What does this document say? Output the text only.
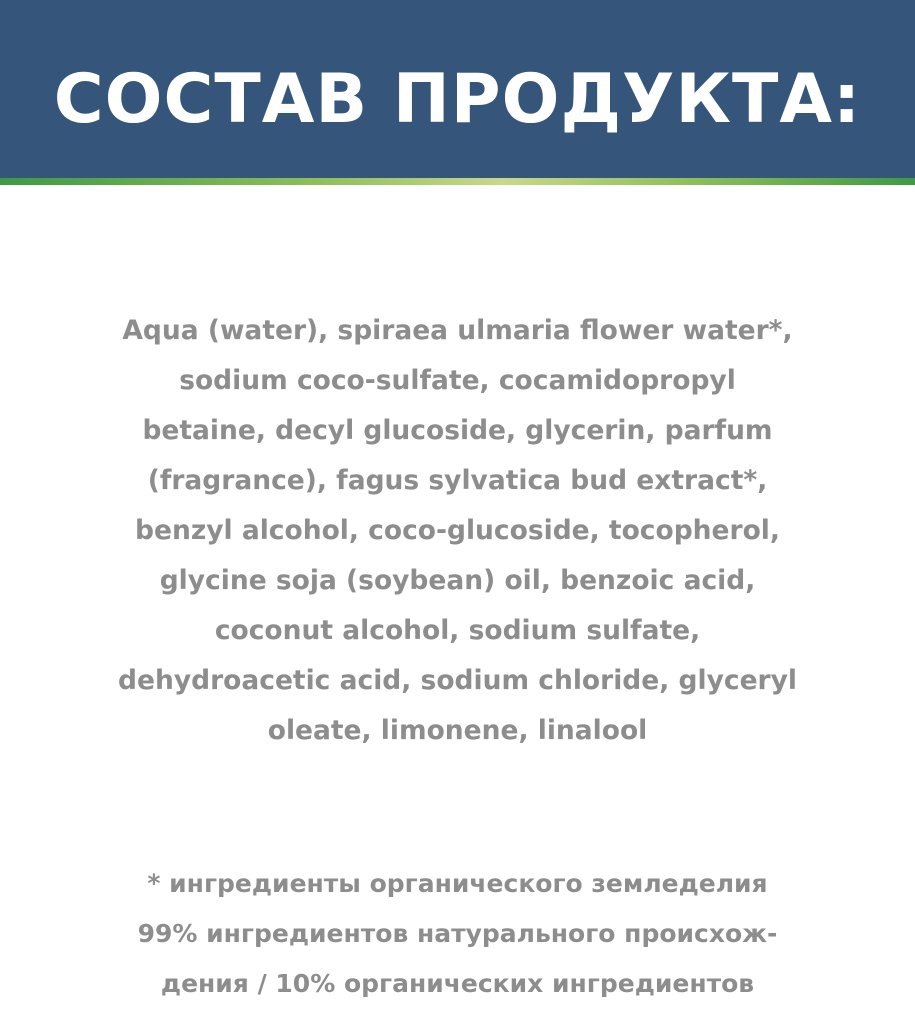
СОСТАВ ПРОДУКТА:
Aqua (water), spiraea ulmaria flower water*,
sodium coco-sulfate, cocamidopropyl
betaine, decyl glucoside, glycerin, parfum
(fragrance), fagus sylvatica bud extract*,
benzyl alcohol, coco-glucoside, tocopherol,
glycine soja (soybean) oil, benzoic acid,
coconut alcohol, sodium sulfate,
dehydroacetic acid, sodium chloride, glyceryl
oleate, limonene, linalool
* ингредиенты органического земледелия
99% ингредиентов натурального происхож-
дения / 10% органических ингредиентов
